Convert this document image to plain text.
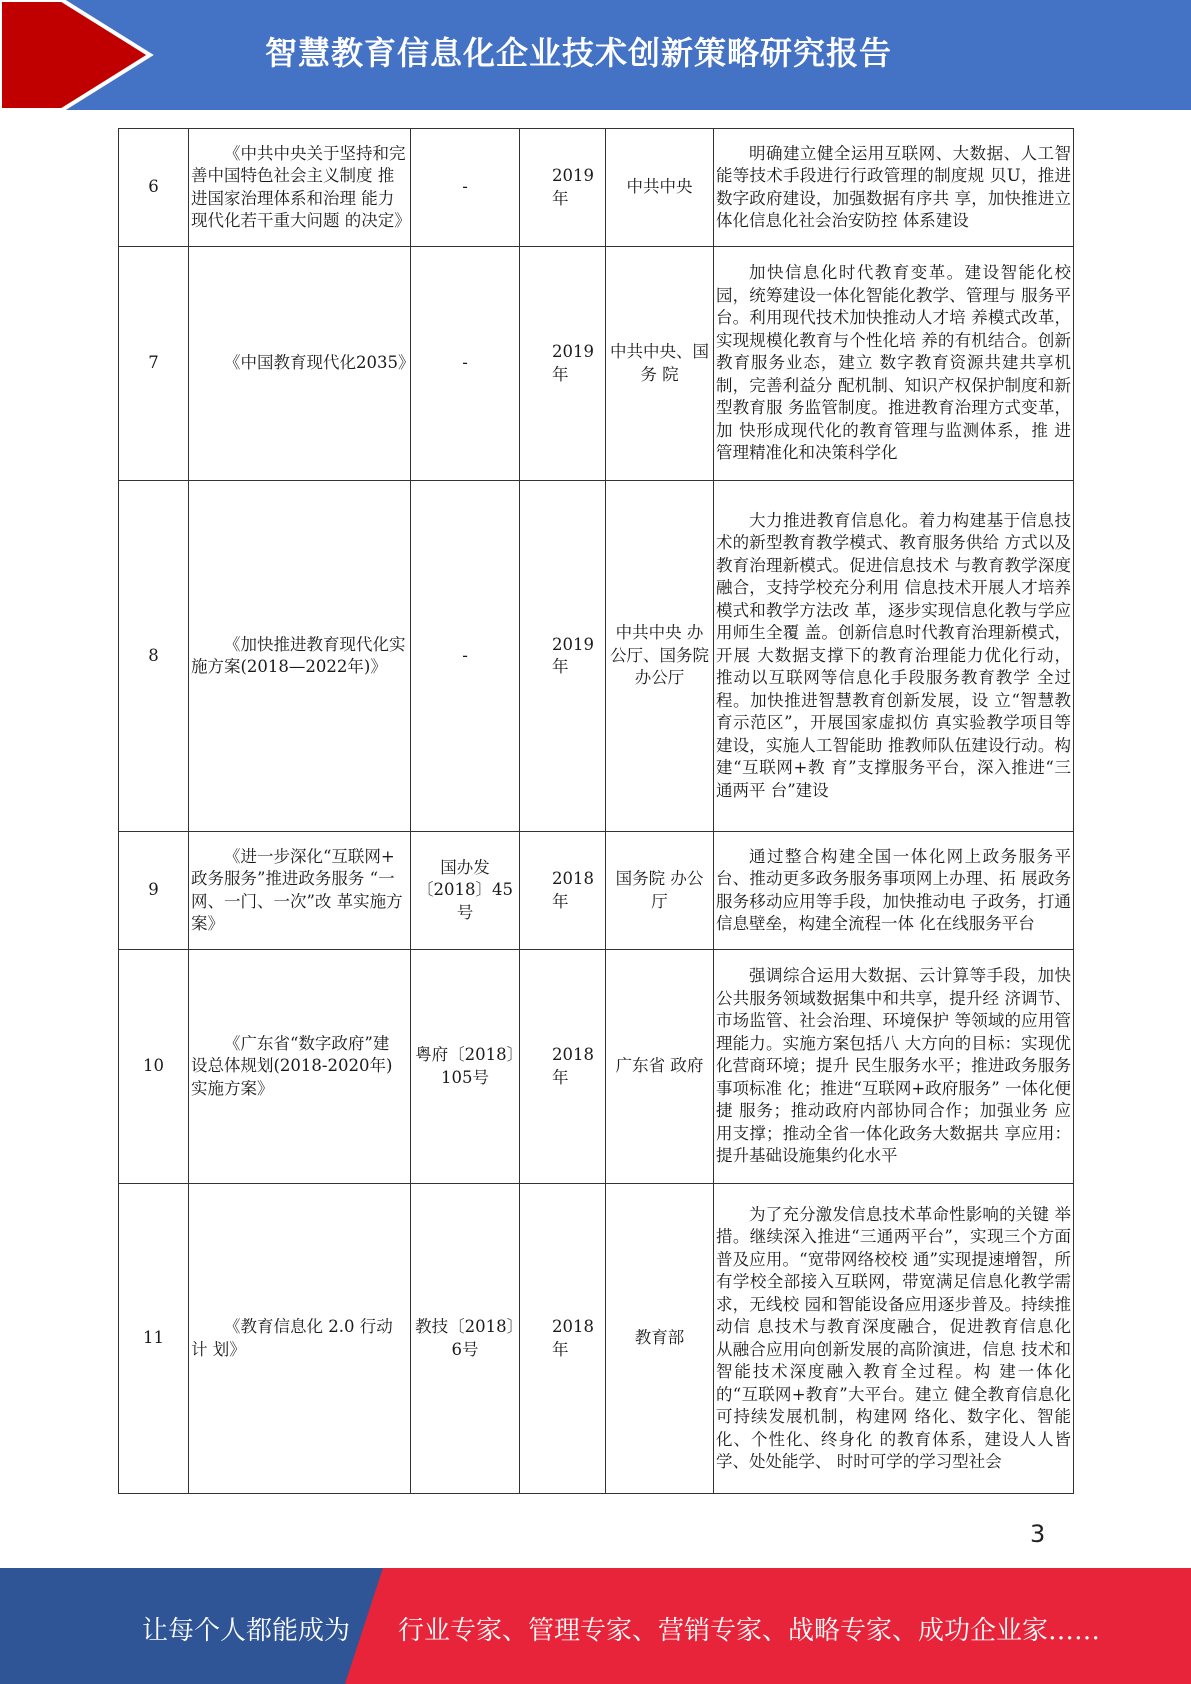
智慧教育信息化企业技术创新策略研究报告
6	《中共中央关于坚持和完 善中国特色社会主义制度 推进国家治理体系和治理 能力现代化若干重大问题 的决定》	-	2019年	中共中央	明确建立健全运用互联网、大数据、人工智能等技术手段进行行政管理的制度规 贝U，推进数字政府建设，加强数据有序共 享，加快推进立体化信息化社会治安防控 体系建设
7	《中国教育现代化2035》	-	2019年	中共中央、国务 院	加快信息化时代教育变革。建设智能化校园，统筹建设一体化智能化教学、管理与 服务平台。利用现代技术加快推动人才培 养模式改革，实现规模化教育与个性化培 养的有机结合。创新教育服务业态，建立 数字教育资源共建共享机制，完善利益分 配机制、知识产权保护制度和新型教育服 务监管制度。推进教育治理方式变革，加 快形成现代化的教育管理与监测体系，推 进管理精准化和决策科学化
8	《加快推进教育现代化实施方案(2018—2022年)》	-	2019年	中共中央 办公厅、国务院 办公厅	大力推进教育信息化。着力构建基于信息技术的新型教育教学模式、教育服务供给 方式以及教育治理新模式。促进信息技术 与教育教学深度融合，支持学校充分利用 信息技术开展人才培养模式和教学方法改 革，逐步实现信息化教与学应用师生全覆 盖。创新信息时代教育治理新模式，开展 大数据支撑下的教育治理能力优化行动， 推动以互联网等信息化手段服务教育教学 全过程。加快推进智慧教育创新发展，设 立“智慧教育示范区”，开展国家虚拟仿 真实验教学项目等建设，实施人工智能助 推教师队伍建设行动。构建“互联网+教 育”支撑服务平台，深入推进“三通两平 台”建设
9	《进一步深化“互联网+ 政务服务”推进政务服务 “一网、一门、一次”改 革实施方案》	国办发〔2018〕45号	2018年	国务院 办公厅	通过整合构建全国一体化网上政务服务平 台、推动更多政务服务事项网上办理、拓 展政务服务移动应用等手段，加快推动电 子政务，打通信息壁垒，构建全流程一体 化在线服务平台
10	《广东省“数字政府”建 设总体规划(2018-2020年)实施方案》	粤府〔2018〕105号	2018年	广东省 政府	强调综合运用大数据、云计算等手段，加快公共服务领域数据集中和共享，提升经 济调节、市场监管、社会治理、环境保护 等领域的应用管理能力。实施方案包括八 大方向的目标：实现优化营商环境；提升 民生服务水平；推进政务服务事项标准 化；推进“互联网+政府服务” 一体化便捷 服务；推动政府内部协同合作；加强业务 应用支撑；推动全省一体化政务大数据共 享应用：提升基础设施集约化水平
11	《教育信息化 2.0 行动计 划》	教技〔2018〕6号	2018年	教育部	为了充分激发信息技术革命性影响的关键 举措。继续深入推进“三通两平台”，实现三个方面普及应用。“宽带网络校校 通”实现提速增智，所有学校全部接入互联网，带宽满足信息化教学需求，无线校 园和智能设备应用逐步普及。持续推动信 息技术与教育深度融合，促进教育信息化 从融合应用向创新发展的高阶演进，信息 技术和智能技术深度融入教育全过程。构 建一体化的“互联网+教育”大平台。建立 健全教育信息化可持续发展机制，构建网 络化、数字化、智能化、个性化、终身化 的教育体系，建设人人皆学、处处能学、 时时可学的学习型社会
3
让每个人都能成为 行业专家、管理专家、营销专家、战略专家、成功企业家……
